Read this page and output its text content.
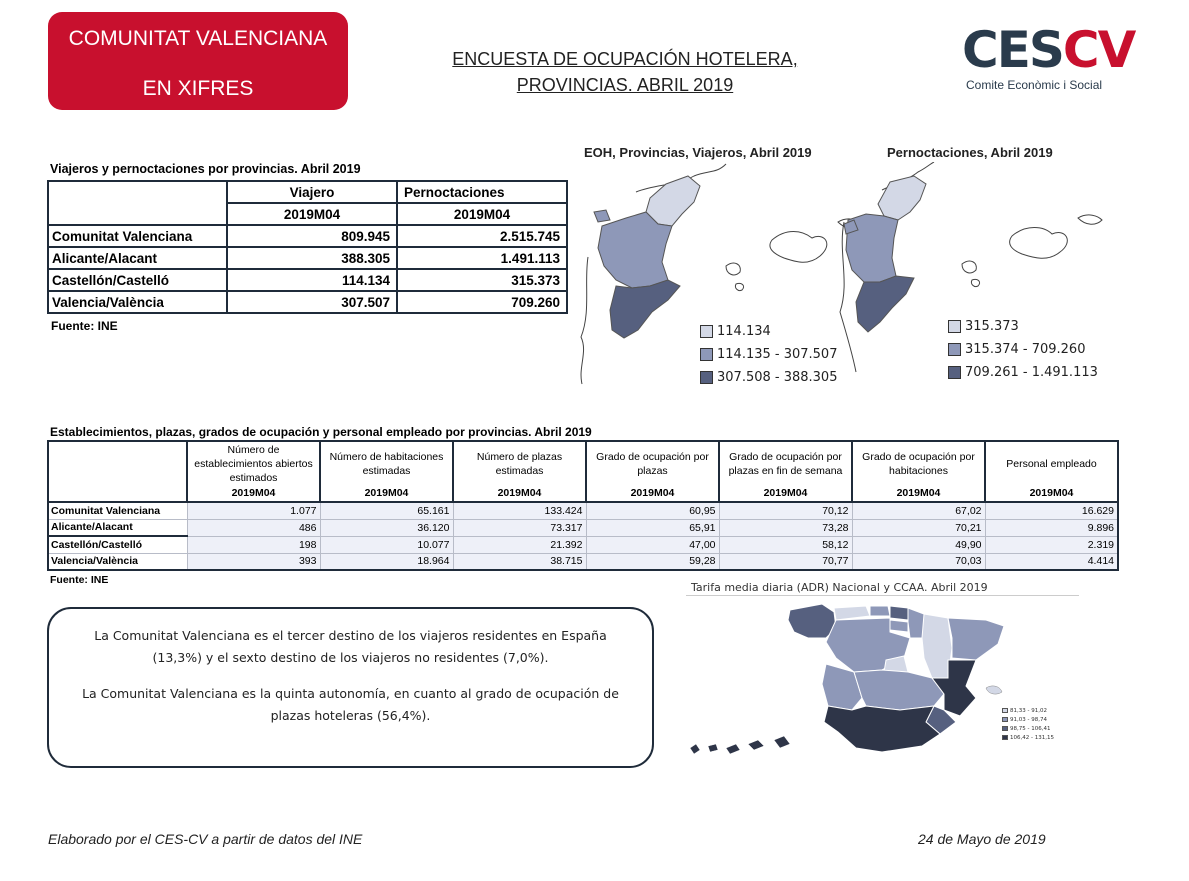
COMUNITAT VALENCIANA
EN XIFRES
ENCUESTA DE OCUPACIÓN HOTELERA,
PROVINCIAS. ABRIL 2019
CESCV
Comite Econòmic i Social
Viajeros y pernoctaciones por provincias. Abril 2019
	Viajero	Pernoctaciones
	2019M04	2019M04
Comunitat Valenciana	809.945	2.515.745
Alicante/Alacant	388.305	1.491.113
Castellón/Castelló	114.134	315.373
Valencia/València	307.507	709.260
Fuente: INE
EOH, Provincias, Viajeros, Abril 2019
114.134
114.135 - 307.507
307.508 - 388.305
Pernoctaciones, Abril 2019
315.373
315.374 - 709.260
709.261 - 1.491.113
Establecimientos, plazas, grados de ocupación y personal empleado por provincias. Abril 2019
	Número de establecimientos abiertos estimados	Número de habitaciones estimadas	Número de plazas estimadas	Grado de ocupación por plazas	Grado de ocupación por plazas en fin de semana	Grado de ocupación por habitaciones	Personal empleado
	2019M04	2019M04	2019M04	2019M04	2019M04	2019M04	2019M04
Comunitat Valenciana	1.077	65.161	133.424	60,95	70,12	67,02	16.629
Alicante/Alacant	486	36.120	73.317	65,91	73,28	70,21	9.896
Castellón/Castelló	198	10.077	21.392	47,00	58,12	49,90	2.319
Valencia/València	393	18.964	38.715	59,28	70,77	70,03	4.414
Fuente: INE

La Comunitat Valenciana es el tercer destino de los viajeros residentes en España (13,3%) y el sexto destino de los viajeros no residentes (7,0%).

La Comunitat Valenciana es la quinta autonomía, en cuanto al grado de ocupación de plazas hoteleras (56,4%).

Tarifa media diaria (ADR) Nacional y CCAA. Abril 2019
81,33 - 91,02
91,03 - 98,74
98,75 - 106,41
106,42 - 131,15
Elaborado por el CES-CV a partir de datos del INE	24 de Mayo de 2019
